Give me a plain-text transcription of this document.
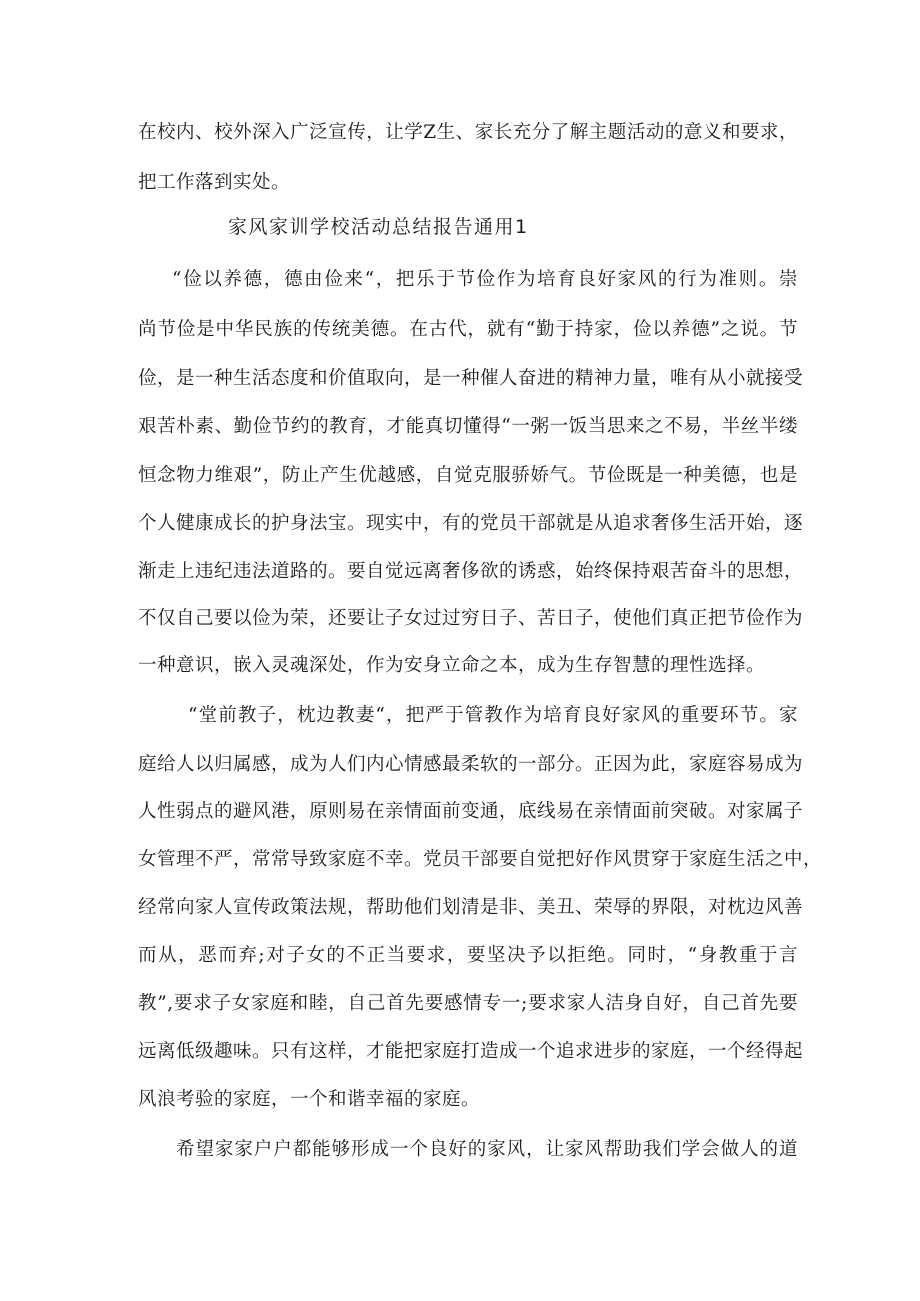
在校内、校外深入广泛宣传，让学Z生、家长充分了解主题活动的意义和要求，
把工作落到实处。
家风家训学校活动总结报告通用1
“俭以养德，德由俭来“，把乐于节俭作为培育良好家风的行为准则。崇
尚节俭是中华民族的传统美德。在古代，就有“勤于持家，俭以养德”之说。节
俭，是一种生活态度和价值取向，是一种催人奋进的精神力量，唯有从小就接受
艰苦朴素、勤俭节约的教育，才能真切懂得“一粥一饭当思来之不易，半丝半缕
恒念物力维艰”，防止产生优越感，自觉克服骄娇气。节俭既是一种美德，也是
个人健康成长的护身法宝。现实中，有的党员干部就是从追求奢侈生活开始，逐
渐走上违纪违法道路的。要自觉远离奢侈欲的诱惑，始终保持艰苦奋斗的思想，
不仅自己要以俭为荣，还要让子女过过穷日子、苦日子，使他们真正把节俭作为
一种意识，嵌入灵魂深处，作为安身立命之本，成为生存智慧的理性选择。
“堂前教子，枕边教妻“，把严于管教作为培育良好家风的重要环节。家
庭给人以归属感，成为人们内心情感最柔软的一部分。正因为此，家庭容易成为
人性弱点的避风港，原则易在亲情面前变通，底线易在亲情面前突破。对家属子
女管理不严，常常导致家庭不幸。党员干部要自觉把好作风贯穿于家庭生活之中，
经常向家人宣传政策法规，帮助他们划清是非、美丑、荣辱的界限，对枕边风善
而从，恶而弃;对子女的不正当要求，要坚决予以拒绝。同时，“身教重于言
教”,要求子女家庭和睦，自己首先要感情专一;要求家人洁身自好，自己首先要
远离低级趣味。只有这样，才能把家庭打造成一个追求进步的家庭，一个经得起
风浪考验的家庭，一个和谐幸福的家庭。
希望家家户户都能够形成一个良好的家风，让家风帮助我们学会做人的道
